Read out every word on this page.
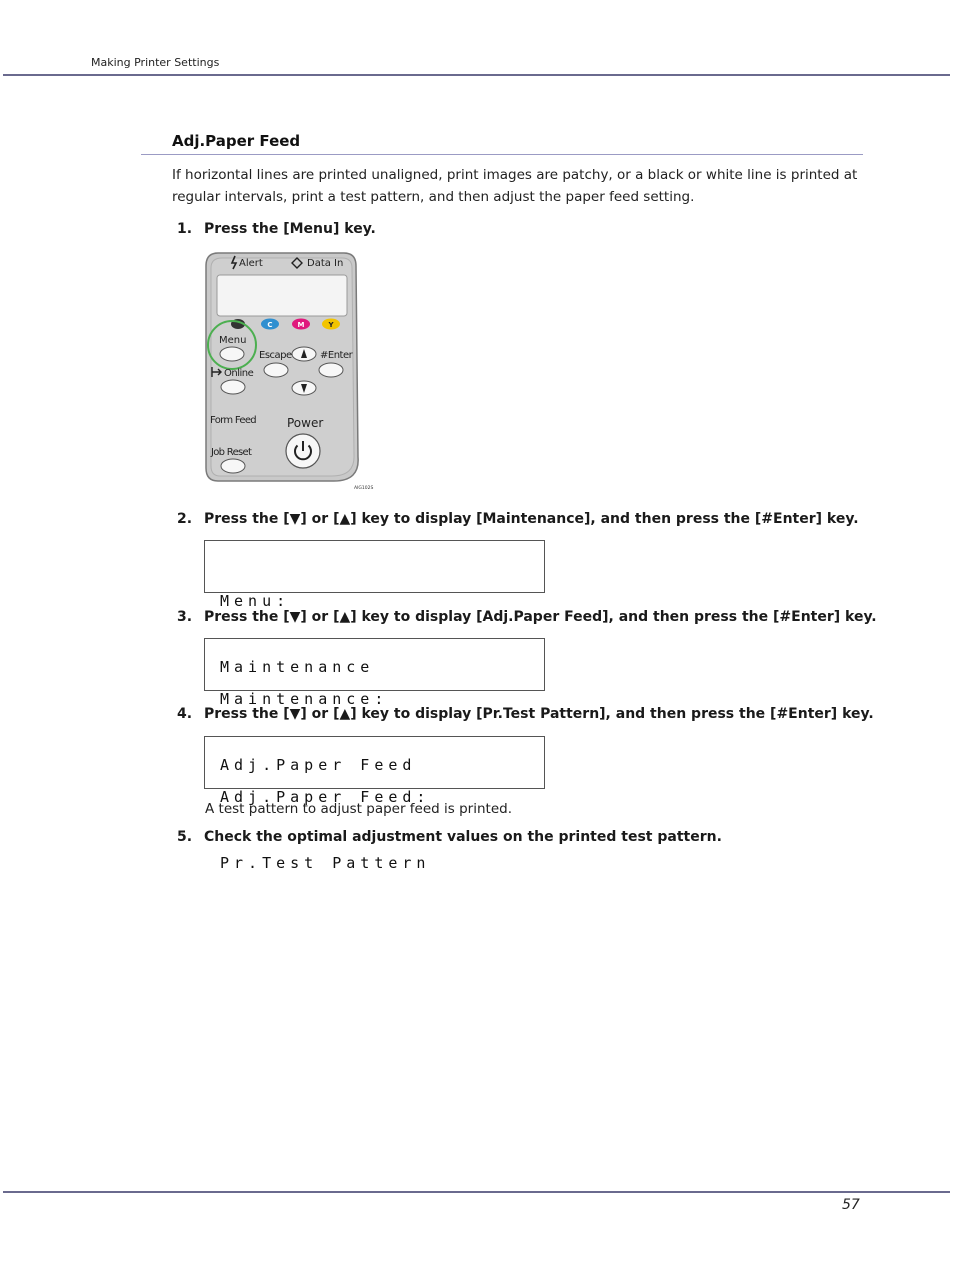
Making Printer Settings
Adj.Paper Feed
If horizontal lines are printed unaligned, print images are patchy, or a black or white line is printed at regular intervals, print a test pattern, and then adjust the paper feed setting.
1. Press the [Menu] key.
Alert	Data In
C	M	Y
Menu
Escape	#Enter
Online
Form Feed
Job Reset
Power
AIG102S
2. Press the [▼] or [▲] key to display [Maintenance], and then press the [#Enter] key.

Menu:

Maintenance

3. Press the [▼] or [▲] key to display [Adj.Paper Feed], and then press the [#Enter] key.

Maintenance:

Adj.Paper Feed

4. Press the [▼] or [▲] key to display [Pr.Test Pattern], and then press the [#Enter] key.

Adj.Paper Feed:

Pr.Test Pattern

A test pattern to adjust paper feed is printed.
5. Check the optimal adjustment values on the printed test pattern.
57
